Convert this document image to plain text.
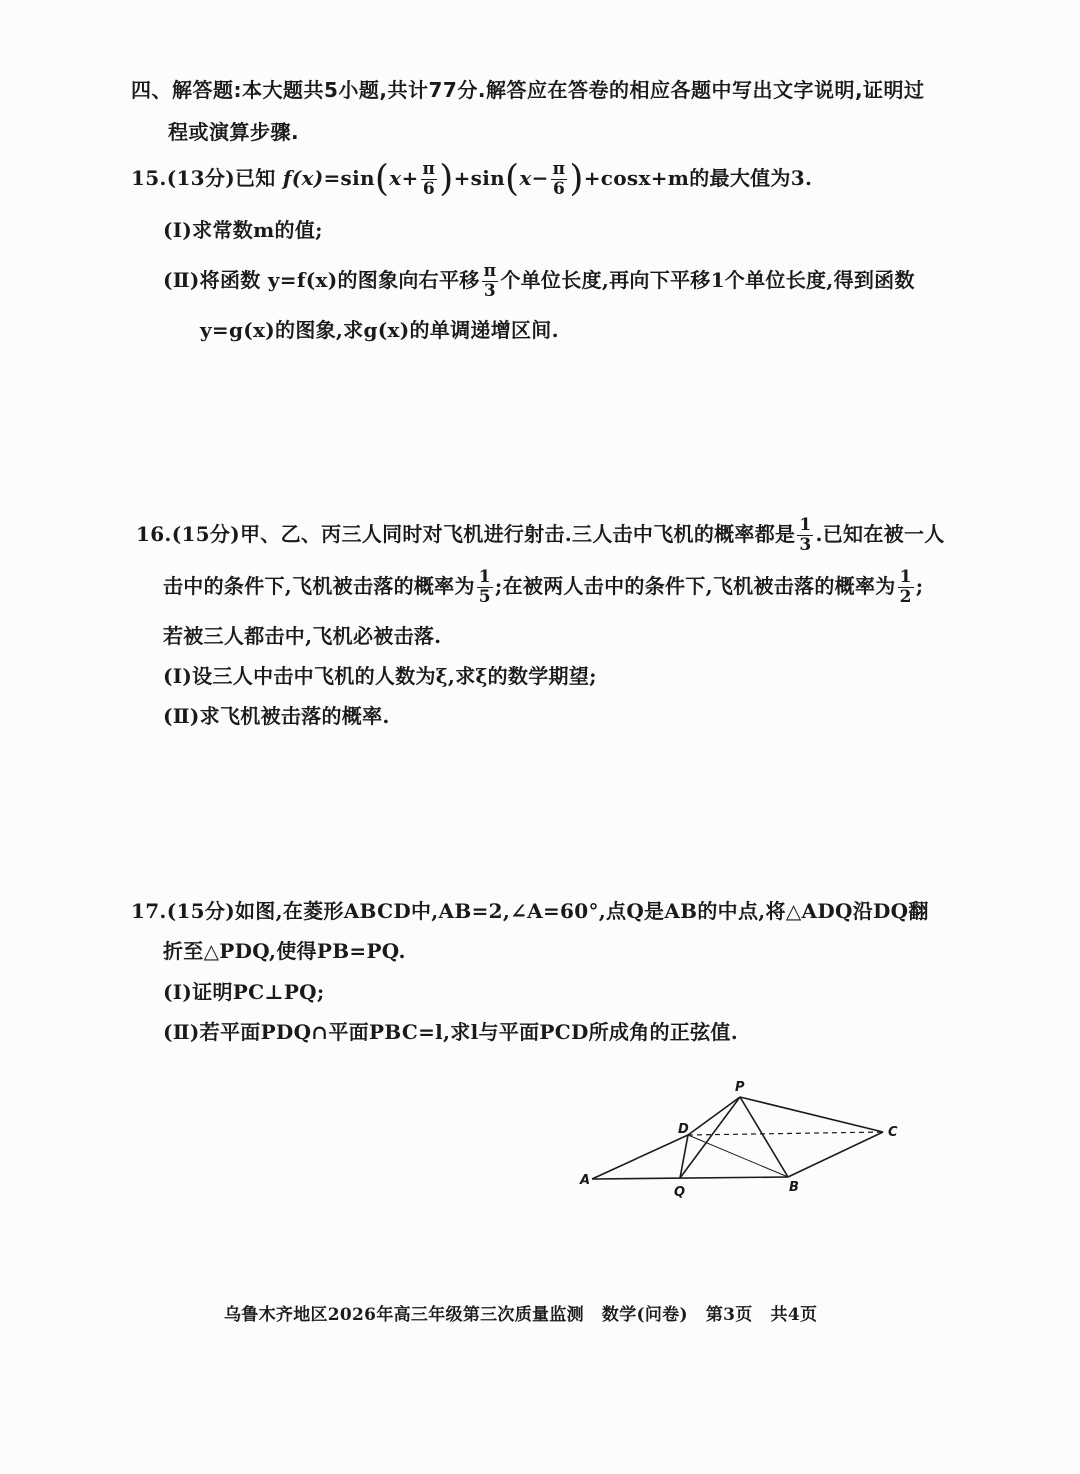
四、解答题:本大题共5小题,共计77分.解答应在答卷的相应各题中写出文字说明,证明过
程或演算步骤.
15.(13分)已知 $f(x)=\sin(x+ \frac{\pi}{6} )+\sin(x- \frac{\pi}{6} )+\cos x+m$的最大值为3.
(Ⅰ)求常数m的值;
(Ⅱ)将函数 y=f(x)的图象向右平移 $\frac{\pi}{3}$ 个单位长度,再向下平移1个单位长度,得到函数
y=g(x)的图象,求g(x)的单调递增区间.
16.(15分)甲、乙、丙三人同时对飞机进行射击.三人击中飞机的概率都是 $\frac{1}{3}$ .已知在被一人
击中的条件下,飞机被击落的概率为 $\frac{1}{5}$ ;在被两人击中的条件下,飞机被击落的概率为 $\frac{1}{2}$ ;
若被三人都击中,飞机必被击落.
(Ⅰ)设三人中击中飞机的人数为ξ,求ξ的数学期望;
(Ⅱ)求飞机被击落的概率.
17.(15分)如图,在菱形ABCD中,AB=2,∠A=60°,点Q是AB的中点,将△ADQ沿DQ翻
折至△PDQ,使得PB=PQ.
(Ⅰ)证明PC⊥PQ;
(Ⅱ)若平面PDQ∩平面PBC=l,求l与平面PCD所成角的正弦值.
P
D	C
A
Q	B
乌鲁木齐地区2026年高三年级第三次质量监测 数学(问卷) 第3页 共4页
